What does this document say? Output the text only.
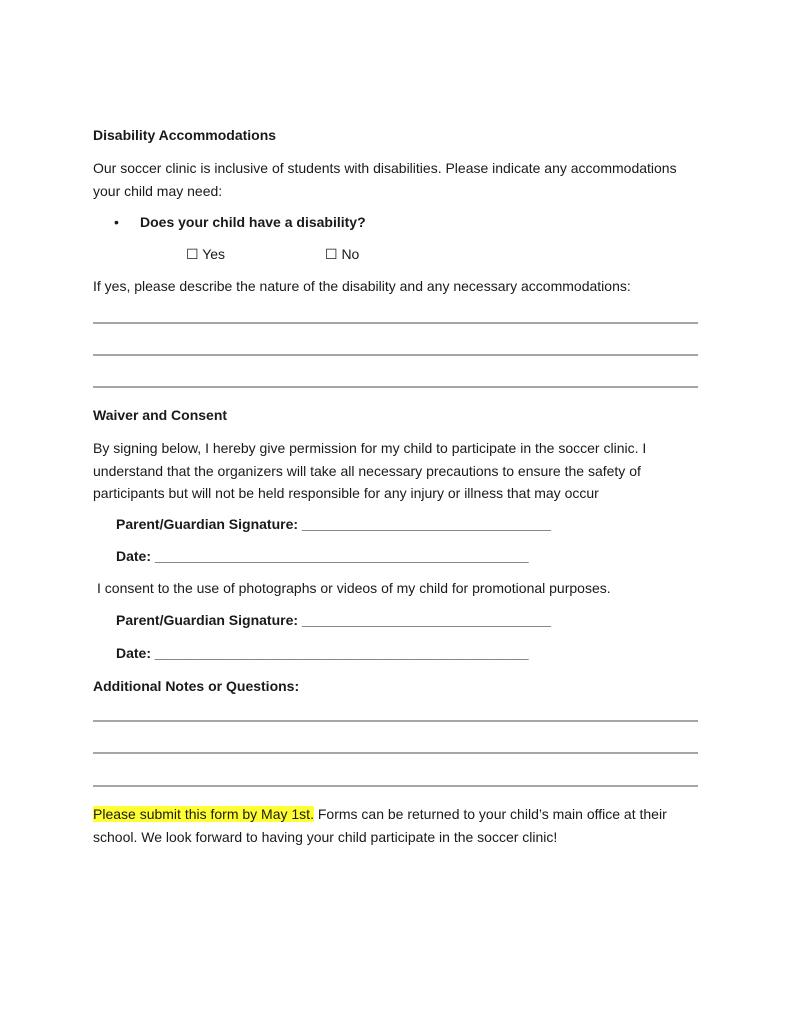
Disability Accommodations
Our soccer clinic is inclusive of students with disabilities. Please indicate any accommodations your child may need:
• Does your child have a disability?
☐ Yes	☐ No
If yes, please describe the nature of the disability and any necessary accommodations:
Waiver and Consent
By signing below, I hereby give permission for my child to participate in the soccer clinic. I understand that the organizers will take all necessary precautions to ensure the safety of participants but will not be held responsible for any injury or illness that may occur
Parent/Guardian Signature: ________________________________
Date: ________________________________________________
I consent to the use of photographs or videos of my child for promotional purposes.
Parent/Guardian Signature: ________________________________
Date: ________________________________________________
Additional Notes or Questions:
Please submit this form by May 1st. Forms can be returned to your child’s main office at their school. We look forward to having your child participate in the soccer clinic!
